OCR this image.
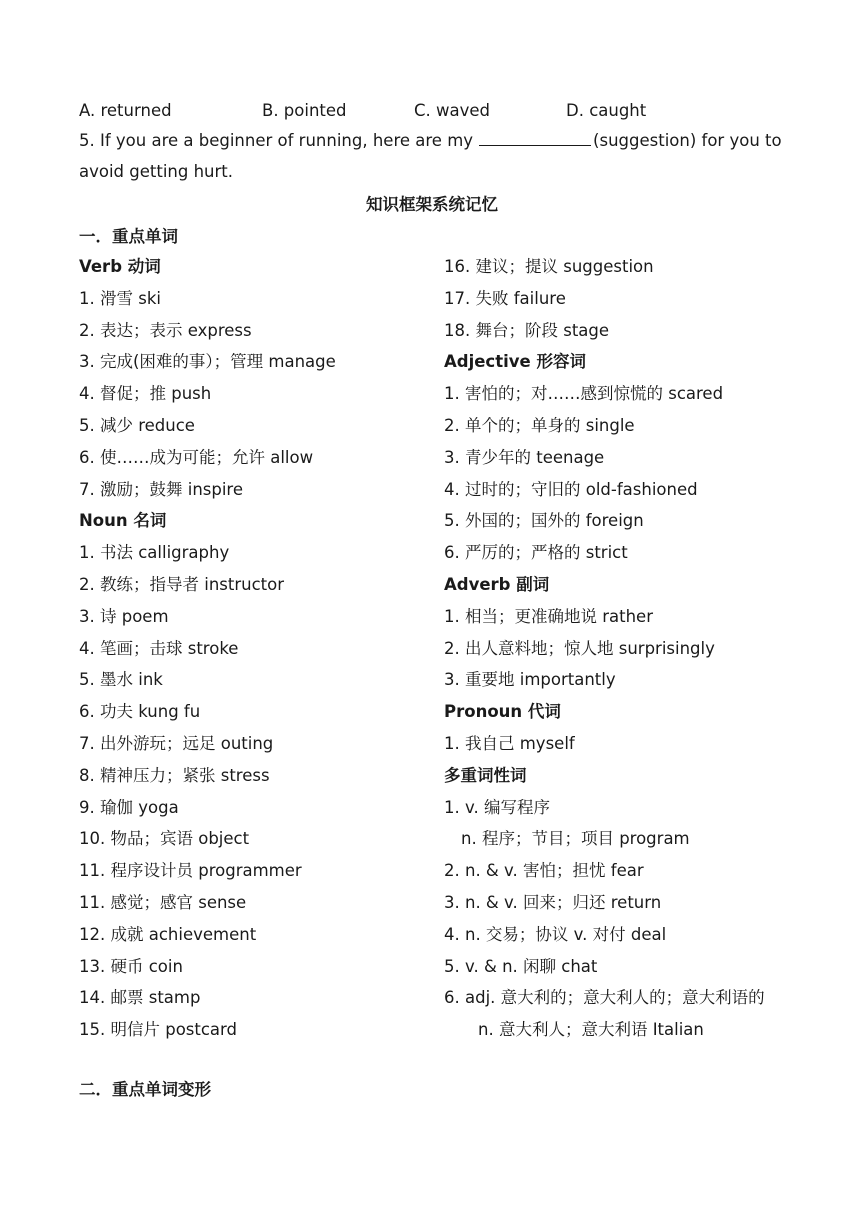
A. returned	B. pointed	C. waved	D. caught
5. If you are a beginner of running, here are my	(suggestion) for you to
avoid getting hurt.
知识框架系统记忆
一．重点单词
Verb 动词
1. 滑雪 ski
2. 表达；表示 express
3. 完成(困难的事）；管理 manage
4. 督促；推 push
5. 减少 reduce
6. 使……成为可能；允许 allow
7. 激励；鼓舞 inspire
Noun 名词
1. 书法 calligraphy
2. 教练；指导者 instructor
3. 诗 poem
4. 笔画；击球 stroke
5. 墨水 ink
6. 功夫 kung fu
7. 出外游玩；远足 outing
8. 精神压力；紧张 stress
9. 瑜伽 yoga
10. 物品；宾语 object
11. 程序设计员 programmer
11. 感觉；感官 sense
12. 成就 achievement
13. 硬币 coin
14. 邮票 stamp
15. 明信片 postcard
16. 建议；提议 suggestion
17. 失败 failure
18. 舞台；阶段 stage
Adjective 形容词
1. 害怕的；对……感到惊慌的 scared
2. 单个的；单身的 single
3. 青少年的 teenage
4. 过时的；守旧的 old-fashioned
5. 外国的；国外的 foreign
6. 严厉的；严格的 strict
Adverb 副词
1. 相当；更准确地说 rather
2. 出人意料地；惊人地 surprisingly
3. 重要地 importantly
Pronoun 代词
1. 我自己 myself
多重词性词
1. v. 编写程序
n. 程序；节目；项目 program
2. n. & v. 害怕；担忧 fear
3. n. & v. 回来；归还 return
4. n. 交易；协议 v. 对付 deal
5. v. & n. 闲聊 chat
6. adj. 意大利的；意大利人的；意大利语的
n. 意大利人；意大利语 Italian
二．重点单词变形
